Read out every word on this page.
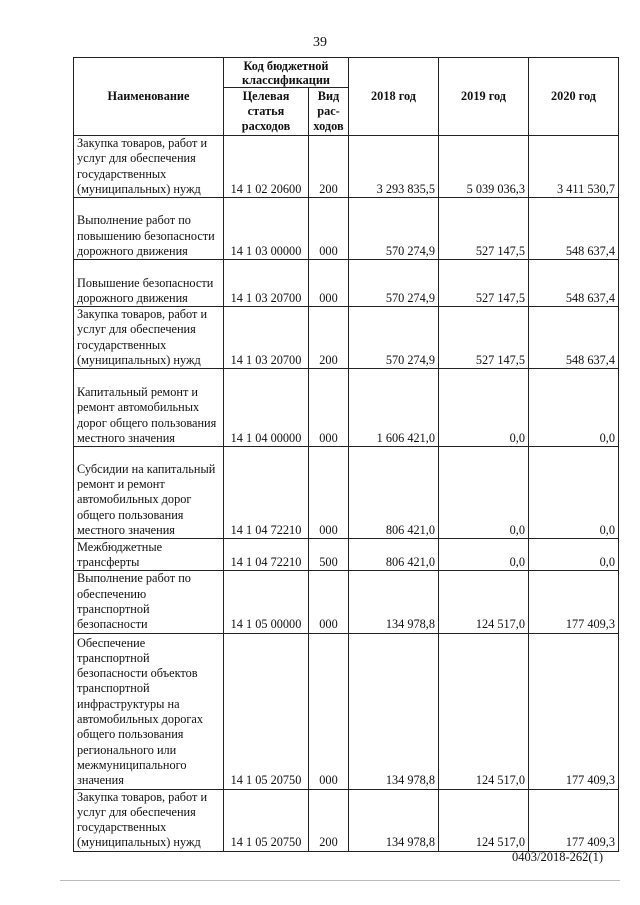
39
Наименование	Код бюджетной классификации		2018 год	2019 год	2020 год
	Целевая статья расходов	Вид рас-ходов			
Закупка товаров, работ и услуг для обеспечения государственных (муниципальных) нужд	14 1 02 20600	200	3 293 835,5	5 039 036,3	3 411 530,7
Выполнение работ по повышению безопасности дорожного движения	14 1 03 00000	000	570 274,9	527 147,5	548 637,4
Повышение безопасности дорожного движения	14 1 03 20700	000	570 274,9	527 147,5	548 637,4
Закупка товаров, работ и услуг для обеспечения государственных (муниципальных) нужд	14 1 03 20700	200	570 274,9	527 147,5	548 637,4
Капитальный ремонт и ремонт автомобильных дорог общего пользования местного значения	14 1 04 00000	000	1 606 421,0	0,0	0,0
Субсидии на капитальный ремонт и ремонт автомобильных дорог общего пользования местного значения	14 1 04 72210	000	806 421,0	0,0	0,0
Межбюджетные трансферты	14 1 04 72210	500	806 421,0	0,0	0,0
Выполнение работ по обеспечению транспортной безопасности	14 1 05 00000	000	134 978,8	124 517,0	177 409,3
Обеспечение транспортной безопасности объектов транспортной инфраструктуры на автомобильных дорогах общего пользования регионального или межмуниципального значения	14 1 05 20750	000	134 978,8	124 517,0	177 409,3
Закупка товаров, работ и услуг для обеспечения государственных (муниципальных) нужд	14 1 05 20750	200	134 978,8	124 517,0	177 409,3
0403/2018-262(1)
